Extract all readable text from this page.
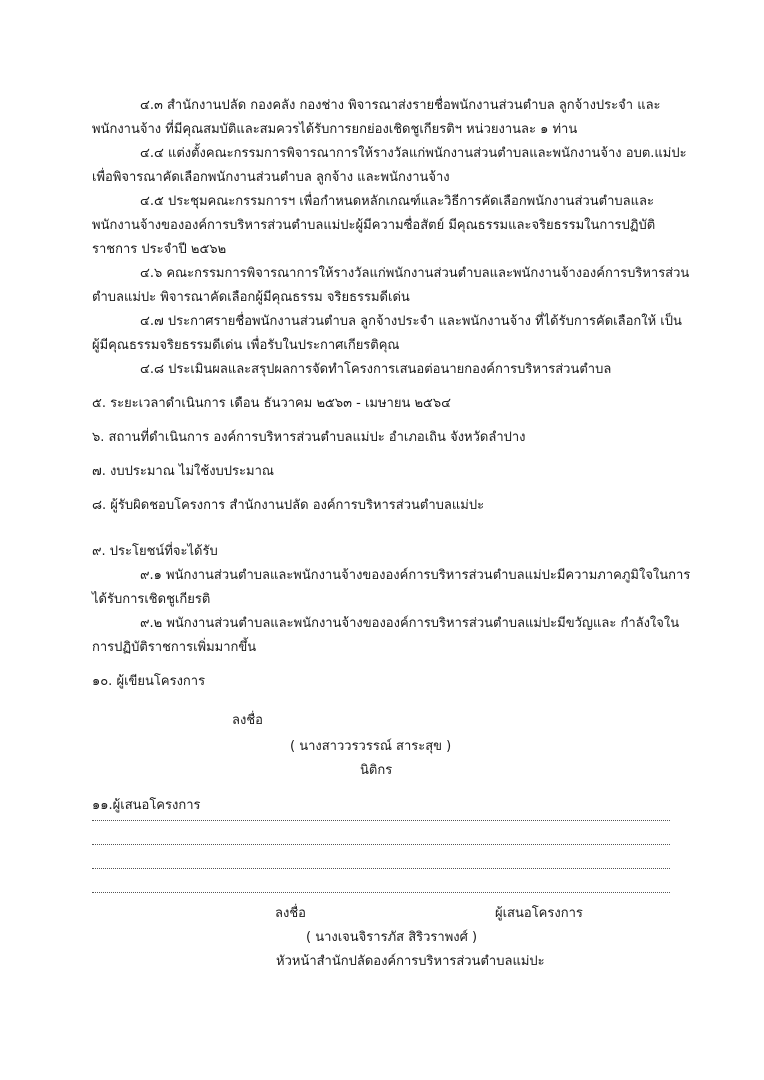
๔.๓ สำนักงานปลัด กองคลัง กองช่าง พิจารณาส่งรายชื่อพนักงานส่วนตำบล ลูกจ้างประจำ และ
พนักงานจ้าง ที่มีคุณสมบัติและสมควรได้รับการยกย่องเชิดชูเกียรติฯ หน่วยงานละ ๑ ท่าน
๔.๔ แต่งตั้งคณะกรรมการพิจารณาการให้รางวัลแก่พนักงานส่วนตำบลและพนักงานจ้าง อบต.แม่ปะ
เพื่อพิจารณาคัดเลือกพนักงานส่วนตำบล ลูกจ้าง และพนักงานจ้าง
๔.๕ ประชุมคณะกรรมการฯ เพื่อกำหนดหลักเกณฑ์และวิธีการคัดเลือกพนักงานส่วนตำบลและ
พนักงานจ้างขององค์การบริหารส่วนตำบลแม่ปะผู้มีความซื่อสัตย์ มีคุณธรรมและจริยธรรมในการปฏิบัติ
ราชการ ประจำปี ๒๕๖๒
๔.๖ คณะกรรมการพิจารณาการให้รางวัลแก่พนักงานส่วนตำบลและพนักงานจ้างองค์การบริหารส่วน
ตำบลแม่ปะ พิจารณาคัดเลือกผู้มีคุณธรรม จริยธรรมดีเด่น
๔.๗ ประกาศรายชื่อพนักงานส่วนตำบล ลูกจ้างประจำ และพนักงานจ้าง ที่ได้รับการคัดเลือกให้ เป็น
ผู้มีคุณธรรมจริยธรรมดีเด่น เพื่อรับในประกาศเกียรติคุณ
๔.๘ ประเมินผลและสรุปผลการจัดทำโครงการเสนอต่อนายกองค์การบริหารส่วนตำบล
๕. ระยะเวลาดำเนินการ เดือน ธันวาคม ๒๕๖๓ - เมษายน ๒๕๖๔
๖. สถานที่ดำเนินการ องค์การบริหารส่วนตำบลแม่ปะ อำเภอเถิน จังหวัดลำปาง
๗. งบประมาณ ไม่ใช้งบประมาณ
๘. ผู้รับผิดชอบโครงการ สำนักงานปลัด องค์การบริหารส่วนตำบลแม่ปะ
๙. ประโยชน์ที่จะได้รับ
๙.๑ พนักงานส่วนตำบลและพนักงานจ้างขององค์การบริหารส่วนตำบลแม่ปะมีความภาคภูมิใจในการ
ได้รับการเชิดชูเกียรติ
๙.๒ พนักงานส่วนตำบลและพนักงานจ้างขององค์การบริหารส่วนตำบลแม่ปะมีขวัญและ กำลังใจใน
การปฏิบัติราชการเพิ่มมากขึ้น
๑๐. ผู้เขียนโครงการ
ลงชื่อ
( นางสาววรวรรณ์ สาระสุข )
นิติกร
๑๑.ผู้เสนอโครงการ
ลงชื่อ	ผู้เสนอโครงการ
( นางเจนจิรารภัส สิริวราพงศ์ )
หัวหน้าสำนักปลัดองค์การบริหารส่วนตำบลแม่ปะ
